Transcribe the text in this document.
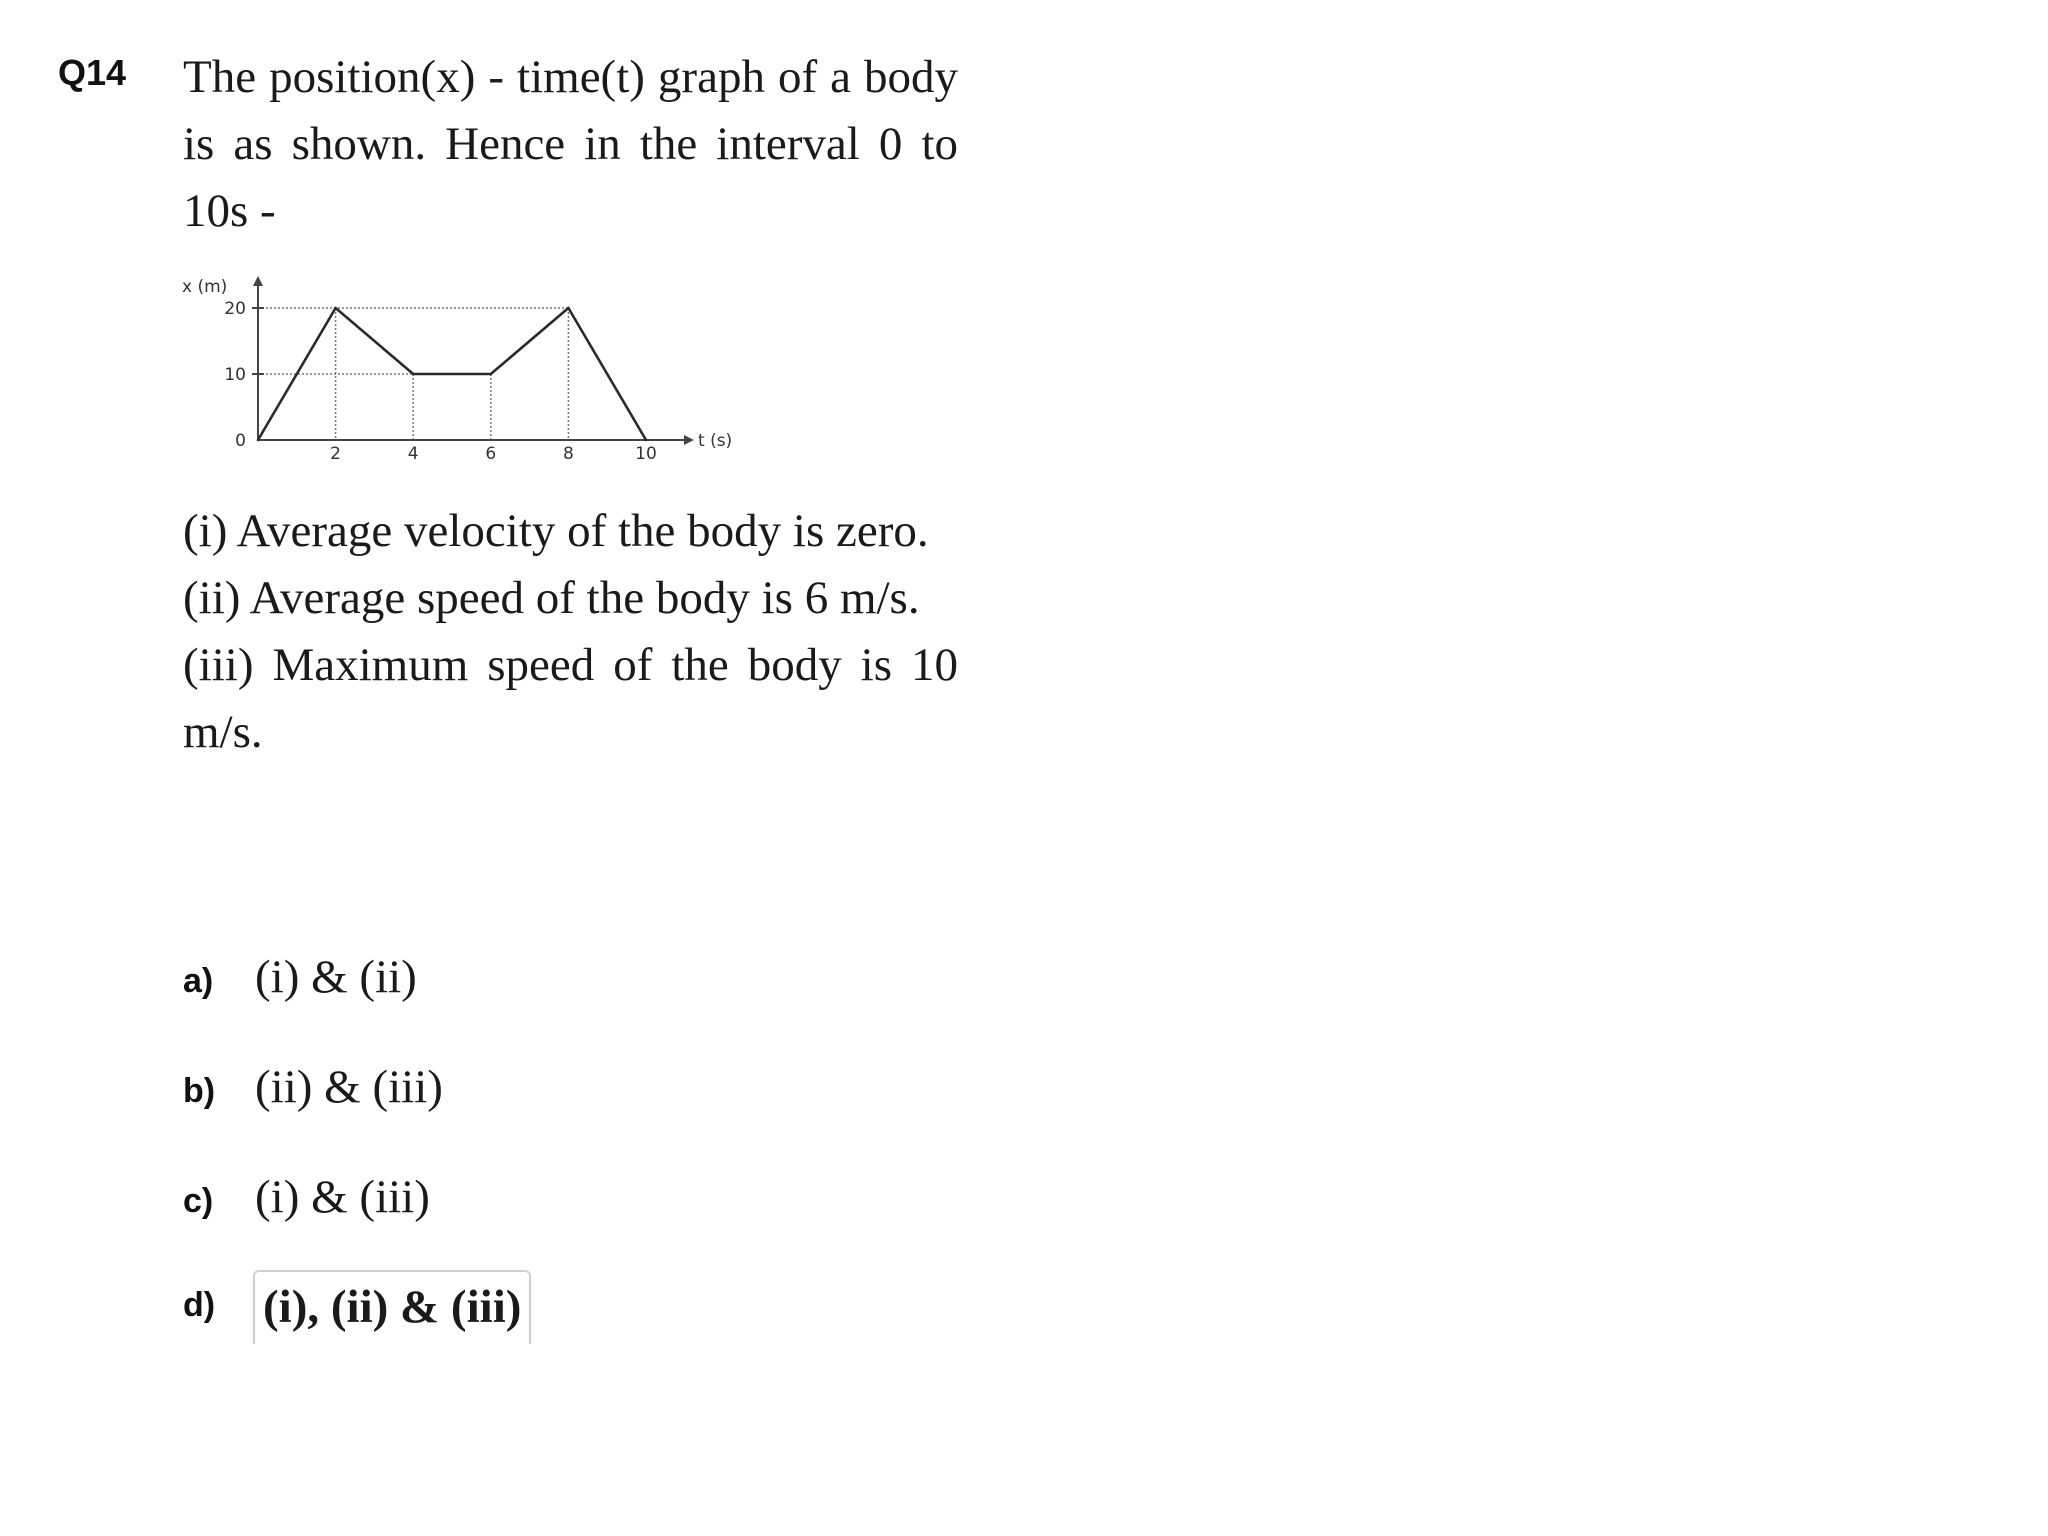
Q14 The position(x) - time(t) graph of a body is as shown. Hence in the interval 0 to 10s -
0
10
20
2	4	6	8	10
x (m)
t (s)
(i) Average velocity of the body is zero.
(ii) Average speed of the body is 6 m/s.
(iii) Maximum speed of the body is 10 m/s.
a) (i) & (ii)
b) (ii) & (iii)
c) (i) & (iii)
d)	(i), (ii) & (iii)
